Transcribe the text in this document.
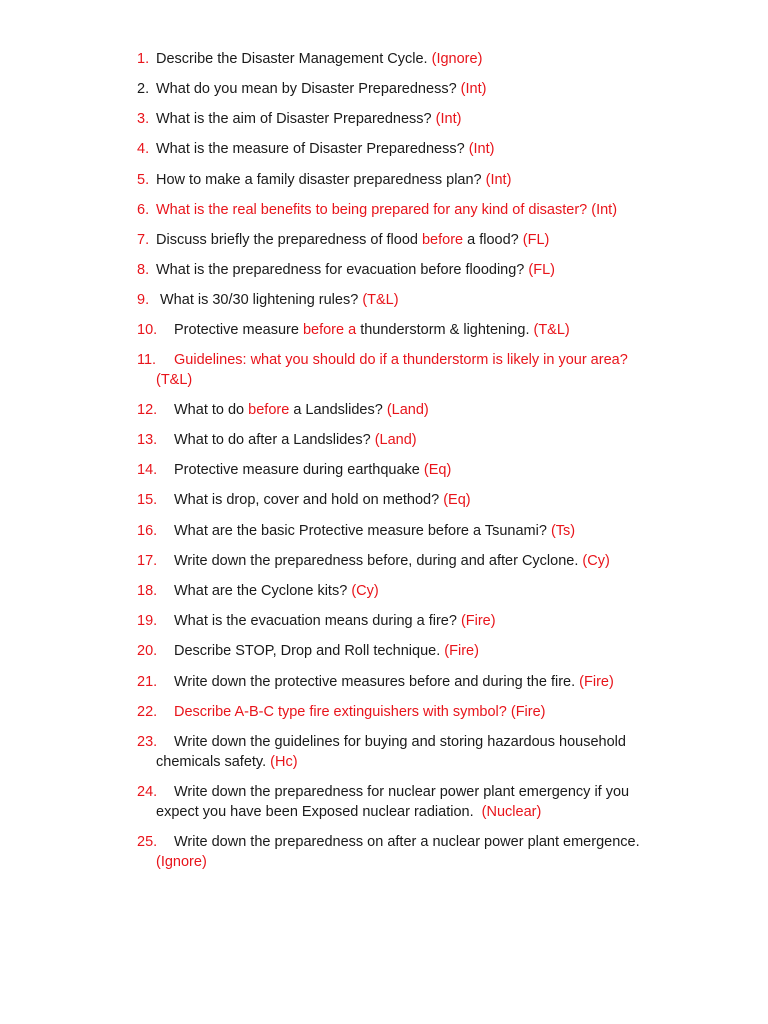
1. Describe the Disaster Management Cycle. (Ignore)
2. What do you mean by Disaster Preparedness? (Int)
3. What is the aim of Disaster Preparedness? (Int)
4. What is the measure of Disaster Preparedness? (Int)
5. How to make a family disaster preparedness plan? (Int)
6. What is the real benefits to being prepared for any kind of disaster? (Int)
7. Discuss briefly the preparedness of flood before a flood? (FL)
8. What is the preparedness for evacuation before flooding? (FL)
9. What is 30/30 lightening rules? (T&L)
10. Protective measure before a thunderstorm & lightening. (T&L)
11. Guidelines: what you should do if a thunderstorm is likely in your area?
(T&L)
12. What to do before a Landslides? (Land)
13. What to do after a Landslides? (Land)
14. Protective measure during earthquake (Eq)
15. What is drop, cover and hold on method? (Eq)
16. What are the basic Protective measure before a Tsunami? (Ts)
17. Write down the preparedness before, during and after Cyclone. (Cy)
18. What are the Cyclone kits? (Cy)
19. What is the evacuation means during a fire? (Fire)
20. Describe STOP, Drop and Roll technique. (Fire)
21. Write down the protective measures before and during the fire. (Fire)
22. Describe A-B-C type fire extinguishers with symbol? (Fire)
23. Write down the guidelines for buying and storing hazardous household
chemicals safety. (Hc)
24. Write down the preparedness for nuclear power plant emergency if you
expect you have been Exposed nuclear radiation. (Nuclear)
25. Write down the preparedness on after a nuclear power plant emergence.
(Ignore)
